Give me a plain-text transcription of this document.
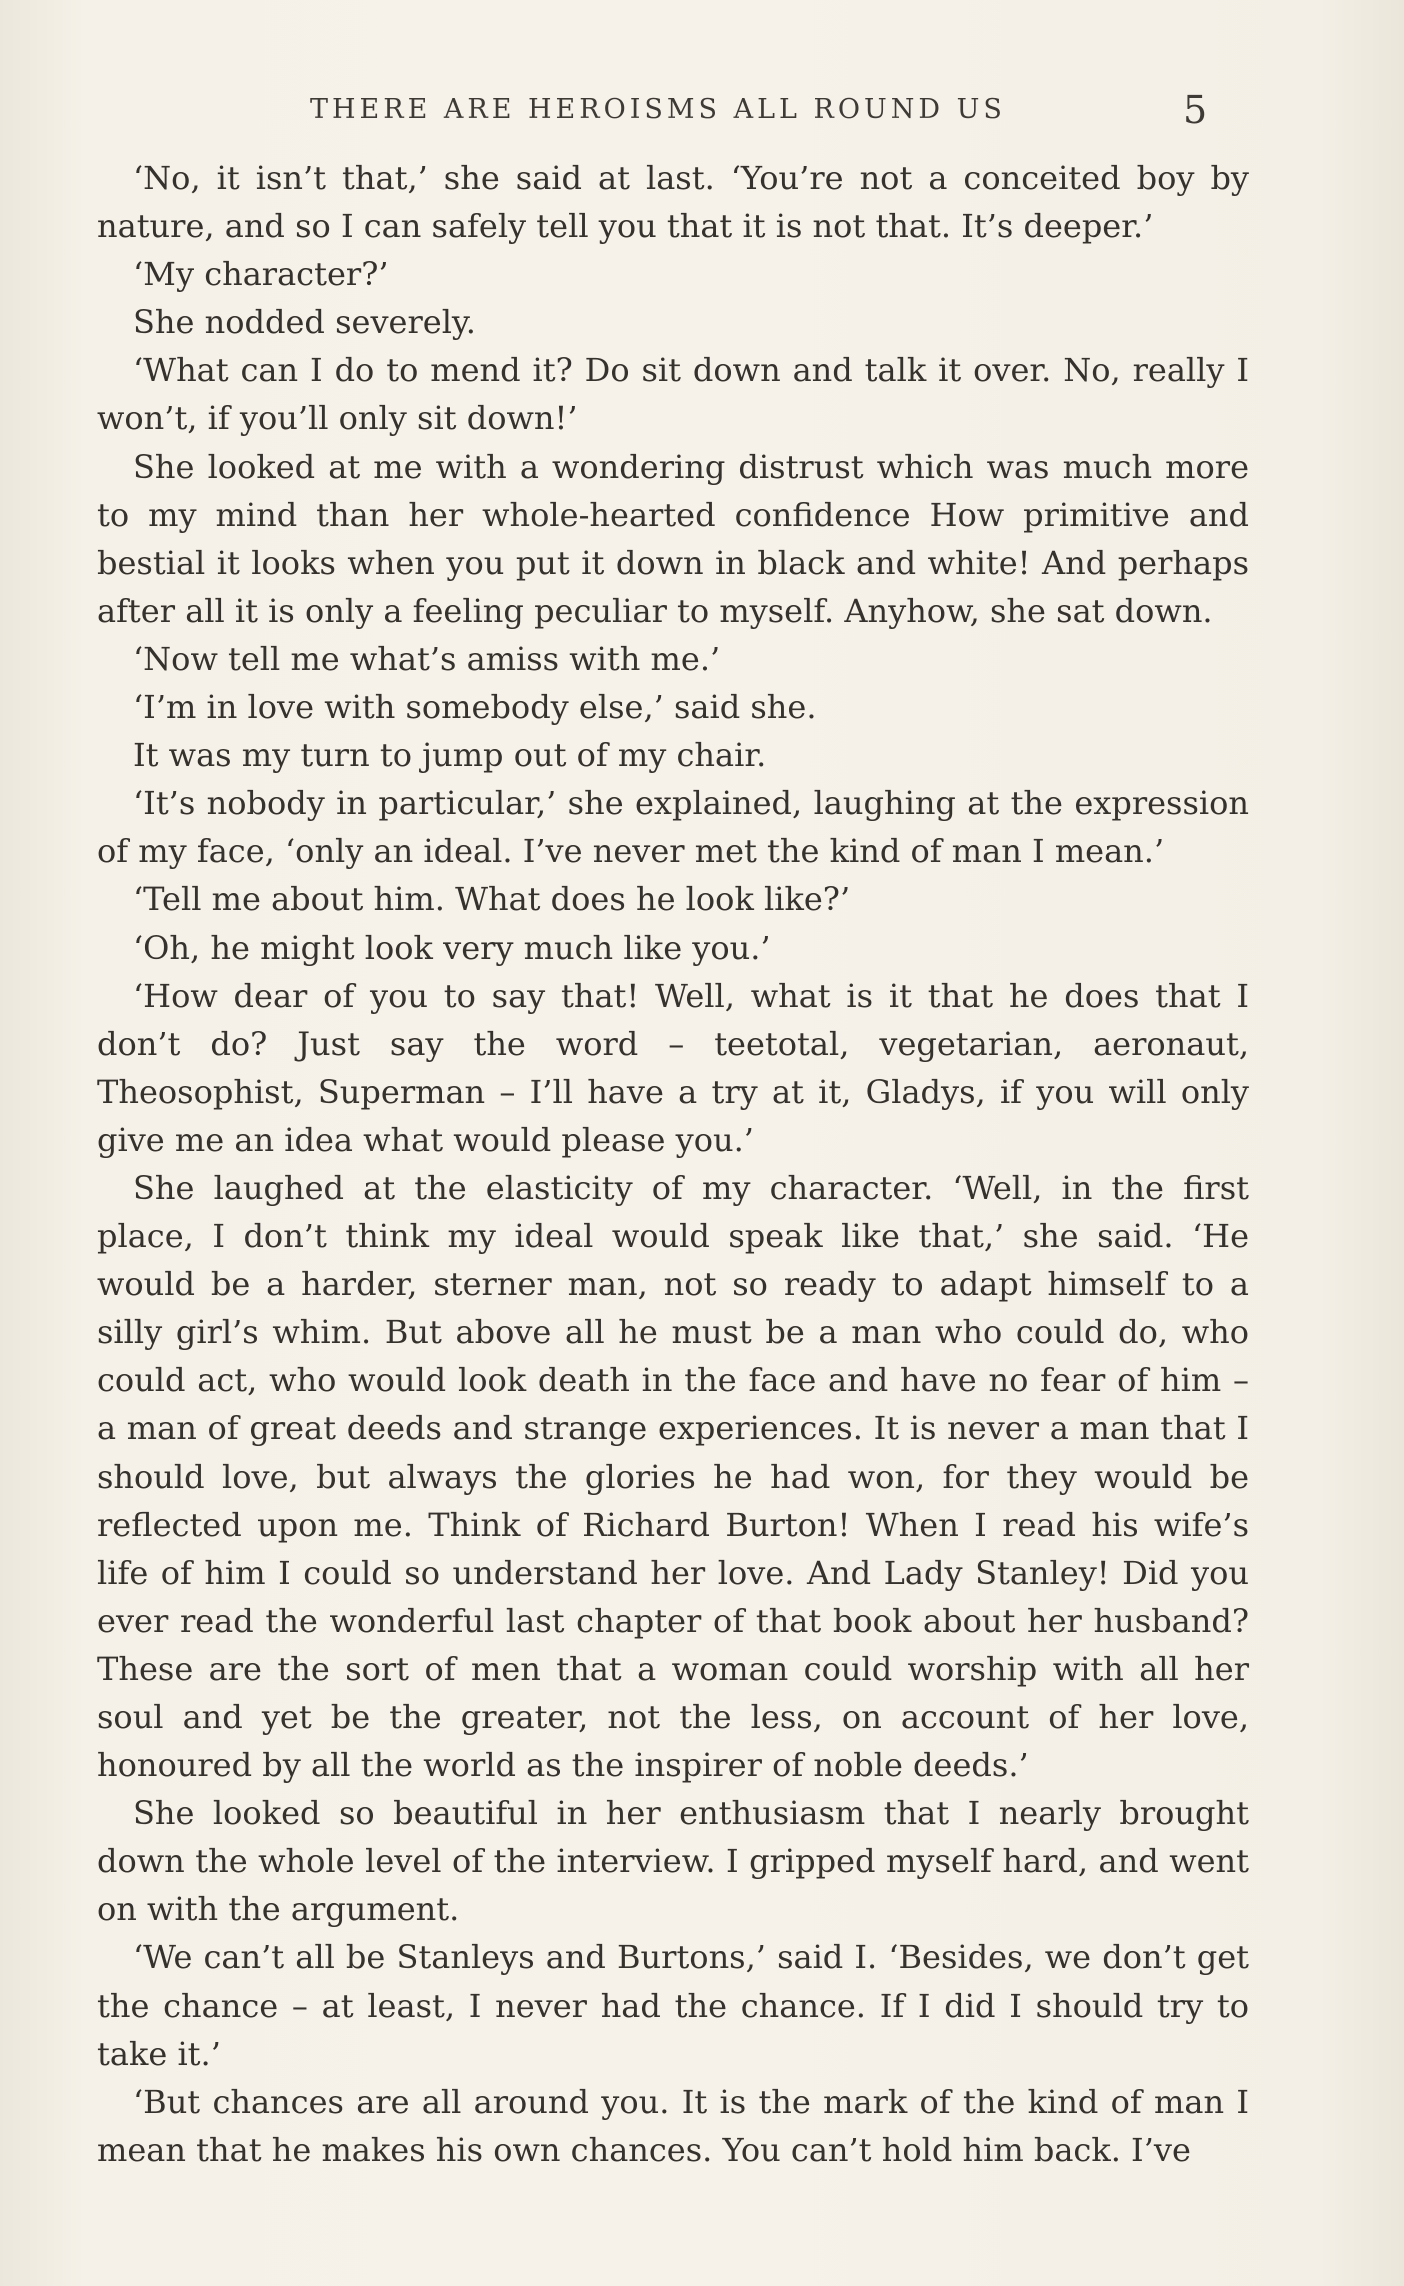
THERE ARE HEROISMS ALL ROUND US	5

‘No, it isn’t that,’ she said at last. ‘You’re not a conceited boy by nature, and so I can safely tell you that it is not that. It’s deeper.’

‘My character?’

She nodded severely.

‘What can I do to mend it? Do sit down and talk it over. No, really I won’t, if you’ll only sit down!’

She looked at me with a wondering distrust which was much more to my mind than her whole-hearted confidence How primitive and bestial it looks when you put it down in black and white! And perhaps after all it is only a feeling peculiar to myself. Anyhow, she sat down.

‘Now tell me what’s amiss with me.’

‘I’m in love with somebody else,’ said she.

It was my turn to jump out of my chair.

‘It’s nobody in particular,’ she explained, laughing at the expression of my face, ‘only an ideal. I’ve never met the kind of man I mean.’

‘Tell me about him. What does he look like?’

‘Oh, he might look very much like you.’

‘How dear of you to say that! Well, what is it that he does that I don’t do? Just say the word – teetotal, vegetarian, aeronaut, Theosophist, Superman – I’ll have a try at it, Gladys, if you will only give me an idea what would please you.’

She laughed at the elasticity of my character. ‘Well, in the first place, I don’t think my ideal would speak like that,’ she said. ‘He would be a harder, sterner man, not so ready to adapt himself to a silly girl’s whim. But above all he must be a man who could do, who could act, who would look death in the face and have no fear of him – a man of great deeds and strange experiences. It is never a man that I should love, but always the glories he had won, for they would be reflected upon me. Think of Richard Burton! When I read his wife’s life of him I could so understand her love. And Lady Stanley! Did you ever read the wonderful last chapter of that book about her husband? These are the sort of men that a woman could worship with all her soul and yet be the greater, not the less, on account of her love, honoured by all the world as the inspirer of noble deeds.’

She looked so beautiful in her enthusiasm that I nearly brought down the whole level of the interview. I gripped myself hard, and went on with the argument.

‘We can’t all be Stanleys and Burtons,’ said I. ‘Besides, we don’t get the chance – at least, I never had the chance. If I did I should try to take it.’

‘But chances are all around you. It is the mark of the kind of man I mean that he makes his own chances. You can’t hold him back. I’ve
